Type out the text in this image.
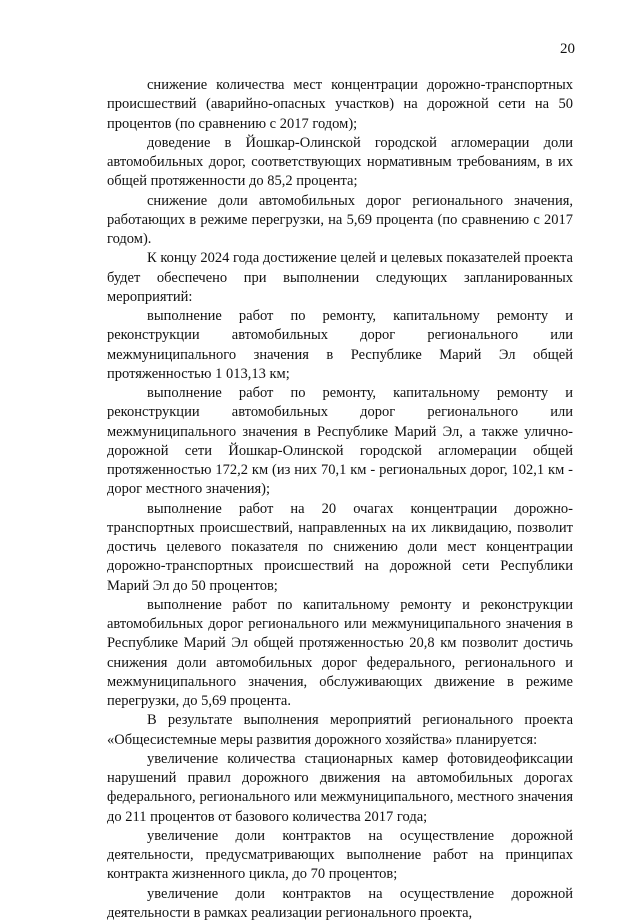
20

снижение количества мест концентрации дорожно-транспортных происшествий (аварийно-опасных участков) на дорожной сети на 50 процентов (по сравнению с 2017 годом);

доведение в Йошкар-Олинской городской агломерации доли автомобильных дорог, соответствующих нормативным требованиям, в их общей протяженности до 85,2 процента;

снижение доли автомобильных дорог регионального значения, работающих в режиме перегрузки, на 5,69 процента (по сравнению с 2017 годом).

К концу 2024 года достижение целей и целевых показателей проекта будет обеспечено при выполнении следующих запланированных мероприятий:

выполнение работ по ремонту, капитальному ремонту и реконструкции автомобильных дорог регионального или межмуниципального значения в Республике Марий Эл общей протяженностью 1 013,13 км;

выполнение работ по ремонту, капитальному ремонту и реконструкции автомобильных дорог регионального или межмуниципального значения в Республике Марий Эл, а также улично-дорожной сети Йошкар-Олинской городской агломерации общей протяженностью 172,2 км (из них 70,1 км - региональных дорог, 102,1 км - дорог местного значения);

выполнение работ на 20 очагах концентрации дорожно-транспортных происшествий, направленных на их ликвидацию, позволит достичь целевого показателя по снижению доли мест концентрации дорожно-транспортных происшествий на дорожной сети Республики Марий Эл до 50 процентов;

выполнение работ по капитальному ремонту и реконструкции автомобильных дорог регионального или межмуниципального значения в Республике Марий Эл общей протяженностью 20,8 км позволит достичь снижения доли автомобильных дорог федерального, регионального и межмуниципального значения, обслуживающих движение в режиме перегрузки, до 5,69 процента.

В результате выполнения мероприятий регионального проекта «Общесистемные меры развития дорожного хозяйства» планируется:

увеличение количества стационарных камер фотовидеофиксации нарушений правил дорожного движения на автомобильных дорогах федерального, регионального или межмуниципального, местного значения до 211 процентов от базового количества 2017 года;

увеличение доли контрактов на осуществление дорожной деятельности, предусматривающих выполнение работ на принципах контракта жизненного цикла, до 70 процентов;

увеличение доли контрактов на осуществление дорожной деятельности в рамках реализации регионального проекта,
